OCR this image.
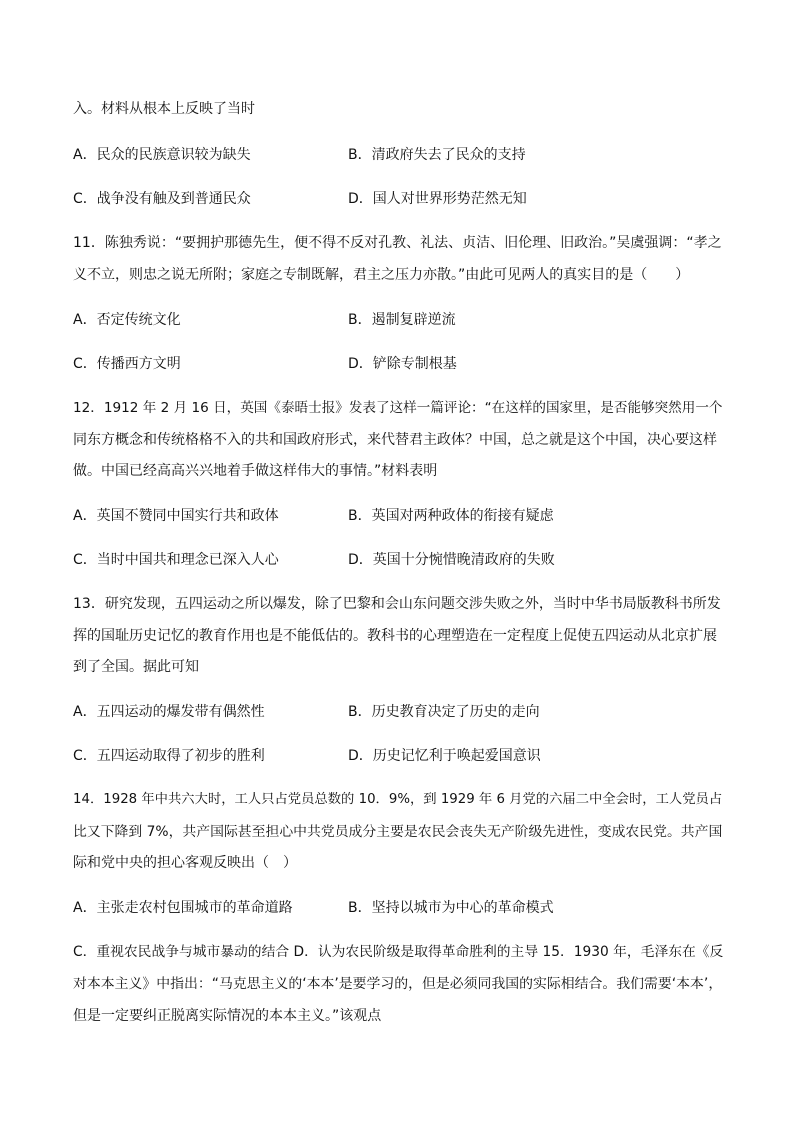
入。材料从根本上反映了当时
A．民众的民族意识较为缺失	B．清政府失去了民众的支持
C．战争没有触及到普通民众	D．国人对世界形势茫然无知
11．陈独秀说：“要拥护那德先生，便不得不反对孔教、礼法、贞洁、旧伦理、旧政治。”吴虞强调：“孝之
义不立，则忠之说无所附；家庭之专制既解，君主之压力亦散。”由此可见两人的真实目的是（　　）
A．否定传统文化	B．遏制复辟逆流
C．传播西方文明	D．铲除专制根基
12．1912 年 2 月 16 日，英国《泰晤士报》发表了这样一篇评论：“在这样的国家里，是否能够突然用一个
同东方概念和传统格格不入的共和国政府形式，来代替君主政体？中国，总之就是这个中国，决心要这样
做。中国已经高高兴兴地着手做这样伟大的事情。”材料表明
A．英国不赞同中国实行共和政体	B．英国对两种政体的衔接有疑虑
C．当时中国共和理念已深入人心	D．英国十分惋惜晚清政府的失败
13．研究发现，五四运动之所以爆发，除了巴黎和会山东问题交涉失败之外，当时中华书局版教科书所发
挥的国耻历史记忆的教育作用也是不能低估的。教科书的心理塑造在一定程度上促使五四运动从北京扩展
到了全国。据此可知
A．五四运动的爆发带有偶然性	B．历史教育决定了历史的走向
C．五四运动取得了初步的胜利	D．历史记忆利于唤起爱国意识
14．1928 年中共六大时，工人只占党员总数的 10．9%，到 1929 年 6 月党的六届二中全会时，工人党员占
比又下降到 7%，共产国际甚至担心中共党员成分主要是农民会丧失无产阶级先进性，变成农民党。共产国
际和党中央的担心客观反映出（　）
A．主张走农村包围城市的革命道路	B．坚持以城市为中心的革命模式
C．重视农民战争与城市暴动的结合 D．认为农民阶级是取得革命胜利的主导 15．1930 年，毛泽东在《反
对本本主义》中指出：“马克思主义的‘本本’是要学习的，但是必须同我国的实际相结合。我们需要‘本本’，
但是一定要纠正脱离实际情况的本本主义。”该观点
